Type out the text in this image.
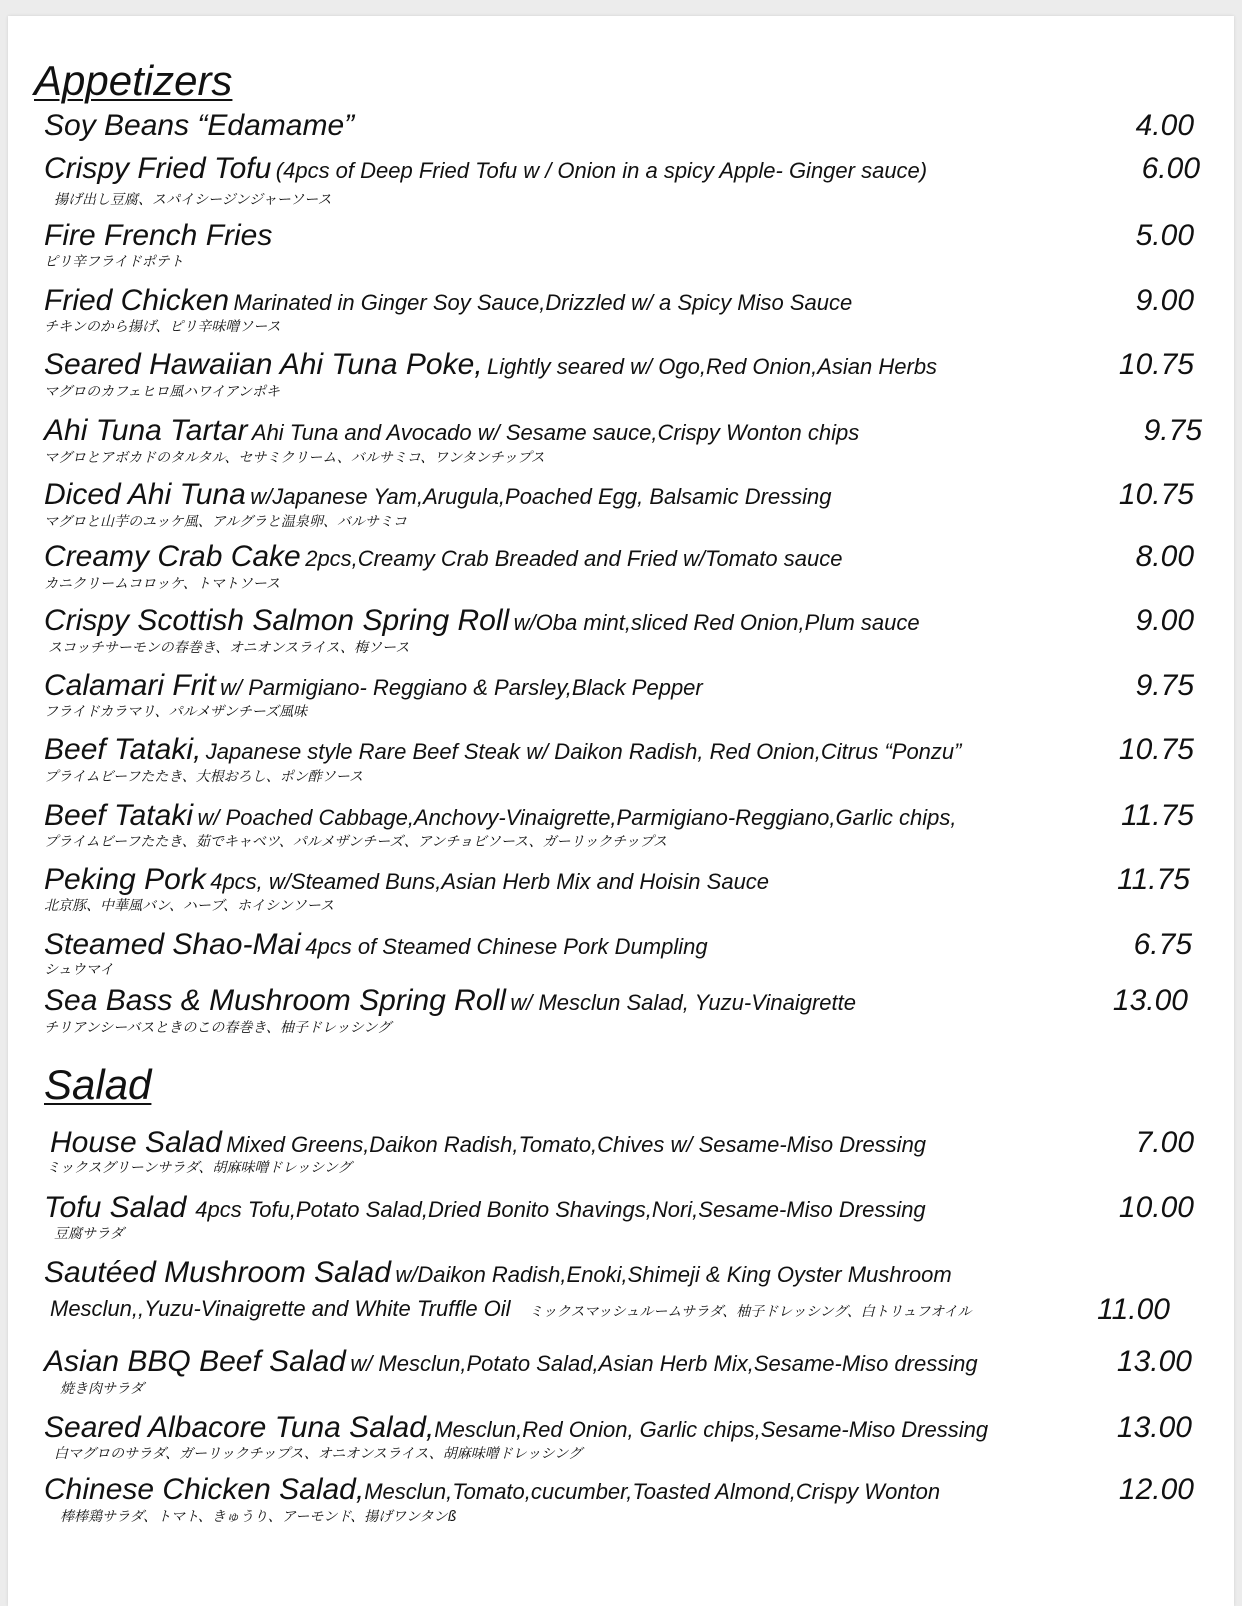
Appetizers
Soy Beans “Edamame”	4.00
Crispy Fried Tofu (4pcs of Deep Fried Tofu w / Onion in a spicy Apple- Ginger sauce)
揚げ出し豆腐、スパイシージンジャーソース
6.00
Fire French Fries
ピリ辛フライドポテト
5.00
Fried Chicken Marinated in Ginger Soy Sauce,Drizzled w/ a Spicy Miso Sauce
チキンのから揚げ、ピリ辛味噌ソース
9.00
Seared Hawaiian Ahi Tuna Poke, Lightly seared w/ Ogo,Red Onion,Asian Herbs
マグロのカフェヒロ風ハワイアンポキ
10.75
Ahi Tuna Tartar Ahi Tuna and Avocado w/ Sesame sauce,Crispy Wonton chips
マグロとアボカドのタルタル、セサミクリーム、バルサミコ、ワンタンチップス
9.75
Diced Ahi Tuna w/Japanese Yam,Arugula,Poached Egg, Balsamic Dressing
マグロと山芋のユッケ風、アルグラと温泉卵、バルサミコ
10.75
Creamy Crab Cake 2pcs,Creamy Crab Breaded and Fried w/Tomato sauce
カニクリームコロッケ、トマトソース
8.00
Crispy Scottish Salmon Spring Roll w/Oba mint,sliced Red Onion,Plum sauce
スコッチサーモンの春巻き、オニオンスライス、梅ソース
9.00
Calamari Frit w/ Parmigiano- Reggiano & Parsley,Black Pepper
フライドカラマリ、パルメザンチーズ風味
9.75
Beef Tataki, Japanese style Rare Beef Steak w/ Daikon Radish, Red Onion,Citrus “Ponzu”
プライムビーフたたき、大根おろし、ポン酢ソース
10.75
Beef Tataki w/ Poached Cabbage,Anchovy-Vinaigrette,Parmigiano-Reggiano,Garlic chips,
プライムビーフたたき、茹でキャベツ、パルメザンチーズ、アンチョビソース、ガーリックチップス
11.75
Peking Pork 4pcs, w/Steamed Buns,Asian Herb Mix and Hoisin Sauce
北京豚、中華風バン、ハーブ、ホイシンソース
11.75
Steamed Shao-Mai 4pcs of Steamed Chinese Pork Dumpling
シュウマイ
6.75
Sea Bass & Mushroom Spring Roll w/ Mesclun Salad, Yuzu-Vinaigrette
チリアンシーバスときのこの春巻き、柚子ドレッシング
13.00
Salad
House Salad Mixed Greens,Daikon Radish,Tomato,Chives w/ Sesame-Miso Dressing
ミックスグリーンサラダ、胡麻味噌ドレッシング
7.00
Tofu Salad 4pcs Tofu,Potato Salad,Dried Bonito Shavings,Nori,Sesame-Miso Dressing
豆腐サラダ
10.00
Sautéed Mushroom Salad w/Daikon Radish,Enoki,Shimeji & King Oyster Mushroom
Mesclun,,Yuzu-Vinaigrette and White Truffle Oil ミックスマッシュルームサラダ、柚子ドレッシング、白トリュフオイル	11.00
Asian BBQ Beef Salad w/ Mesclun,Potato Salad,Asian Herb Mix,Sesame-Miso dressing
焼き肉サラダ
13.00
Seared Albacore Tuna Salad,Mesclun,Red Onion, Garlic chips,Sesame-Miso Dressing
白マグロのサラダ、ガーリックチップス、オニオンスライス、胡麻味噌ドレッシング
13.00
Chinese Chicken Salad,Mesclun,Tomato,cucumber,Toasted Almond,Crispy Wonton
棒棒鶏サラダ、トマト、きゅうり、アーモンド、揚げワンタンß
12.00
